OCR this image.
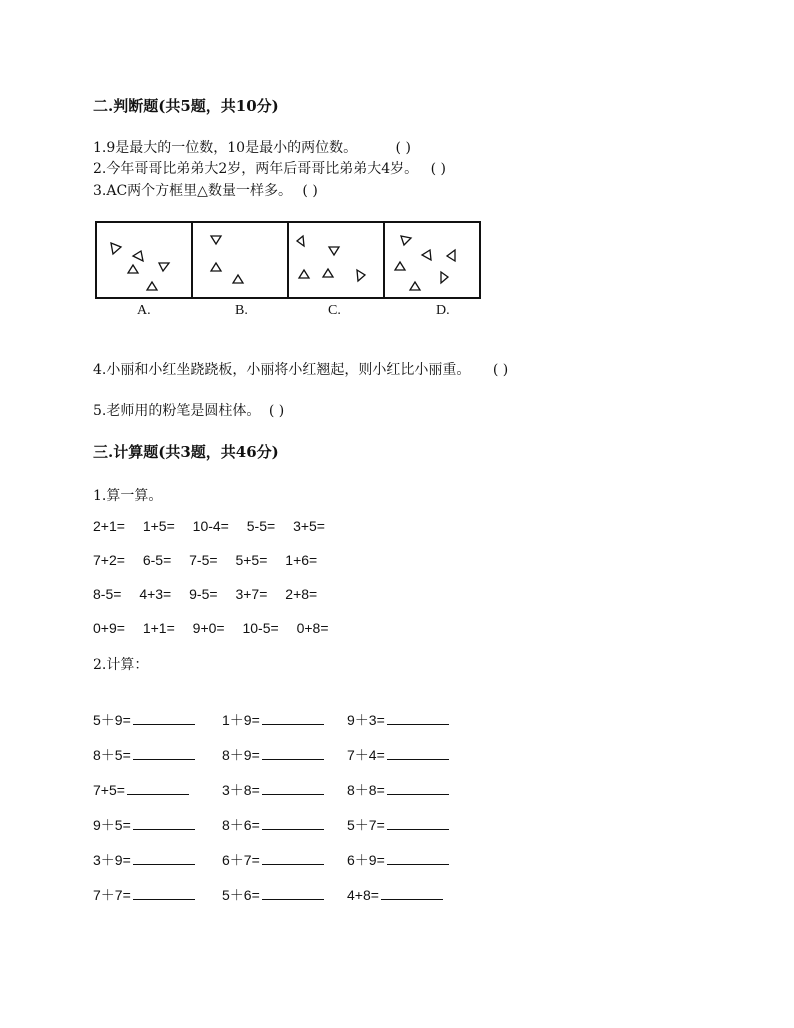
二.判断题(共5题，共10分)
1.9是最大的一位数，10是最小的两位数。	( )
2.今年哥哥比弟弟大2岁，两年后哥哥比弟弟大4岁。 ( )
3.AC两个方框里△数量一样多。 ( )
A.	B.	C.	D.
4.小丽和小红坐跷跷板，小丽将小红翘起，则小红比小丽重。 ( )
5.老师用的粉笔是圆柱体。 ( )
三.计算题(共3题，共46分)
1.算一算。
2+1= 1+5= 10-4= 5-5= 3+5=
7+2= 6-5= 7-5= 5+5= 1+6=
8-5= 4+3= 9-5= 3+7= 2+8=
0+9= 1+1= 9+0= 10-5= 0+8=
2.计算：
5＋9=	1＋9=	9＋3=
8＋5=	8＋9=	7＋4=
7+5=	3＋8=	8＋8=
9＋5=	8＋6=	5＋7=
3＋9=	6＋7=	6＋9=
7＋7=	5＋6=	4+8=
